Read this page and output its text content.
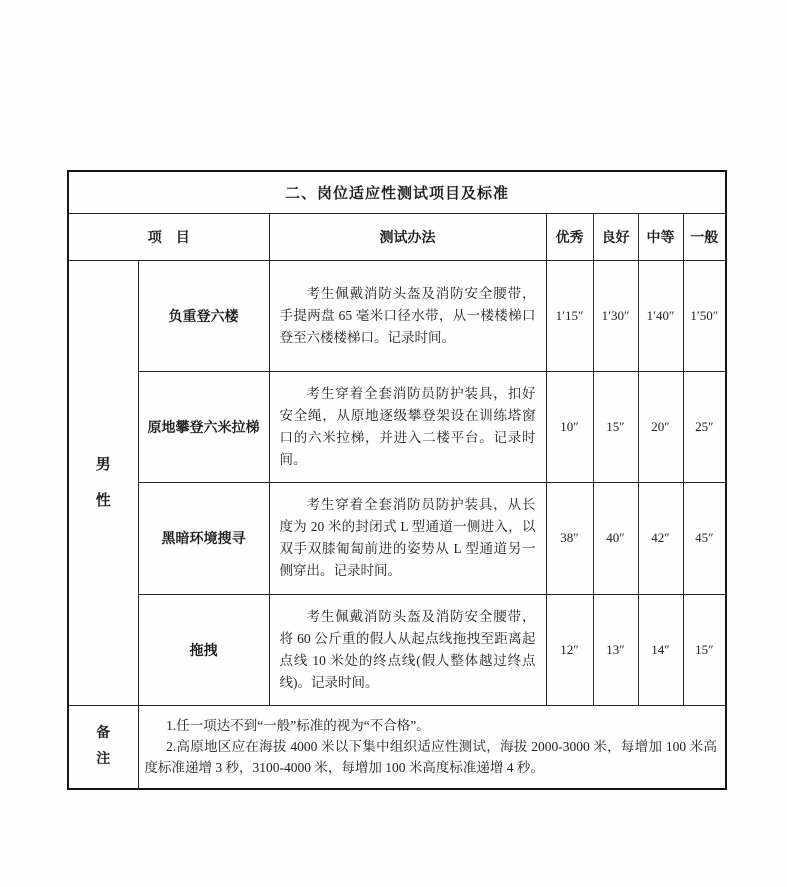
二、岗位适应性测试项目及标准						
项　目		测试办法	优秀	良好	中等	一般
男性	负重登六楼	考生佩戴消防头盔及消防安全腰带，手提两盘 65 毫米口径水带，从一楼楼梯口登至六楼楼梯口。记录时间。	1′15″	1′30″	1′40″	1′50″
	原地攀登六米拉梯	考生穿着全套消防员防护装具，扣好安全绳，从原地逐级攀登架设在训练塔窗口的六米拉梯，并进入二楼平台。记录时间。	10″	15″	20″	25″
	黑暗环境搜寻	考生穿着全套消防员防护装具，从长度为 20 米的封闭式 L 型通道一侧进入，以双手双膝匍匐前进的姿势从 L 型通道另一侧穿出。记录时间。	38″	40″	42″	45″
	拖拽	考生佩戴消防头盔及消防安全腰带，将 60 公斤重的假人从起点线拖拽至距离起点线 10 米处的终点线(假人整体越过终点线)。记录时间。	12″	13″	14″	15″
备注	1.任一项达不到“一般”标准的视为“不合格”。

2.高原地区应在海拔 4000 米以下集中组织适应性测试，海拔 2000-3000 米，每增加 100 米高度标准递增 3 秒，3100-4000 米，每增加 100 米高度标准递增 4 秒。					
